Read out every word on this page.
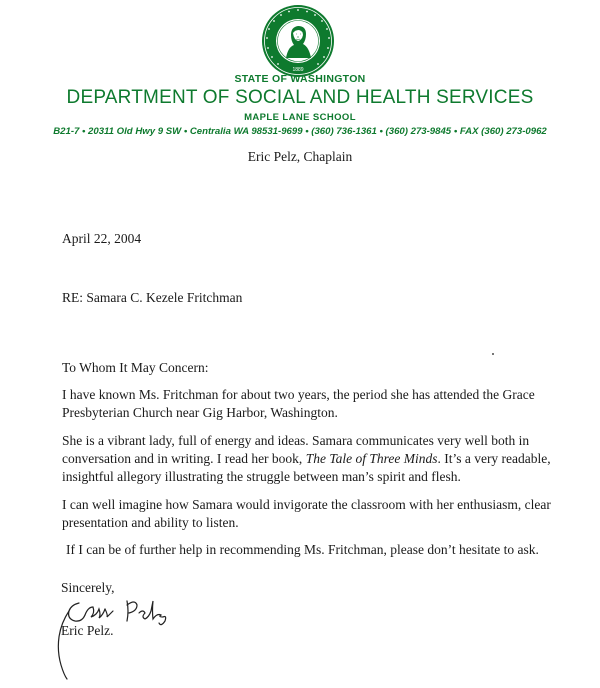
1889
STATE OF WASHINGTON
DEPARTMENT OF SOCIAL AND HEALTH SERVICES
MAPLE LANE SCHOOL
B21-7 • 20311 Old Hwy 9 SW • Centralia WA 98531-9699 • (360) 736-1361 • (360) 273-9845 • FAX (360) 273-0962
Eric Pelz, Chaplain
April 22, 2004
RE: Samara C. Kezele Fritchman
To Whom It May Concern:
I have known Ms. Fritchman for about two years, the period she has attended the Grace Presbyterian Church near Gig Harbor, Washington.
She is a vibrant lady, full of energy and ideas. Samara communicates very well both in conversation and in writing. I read her book, The Tale of Three Minds. It’s a very readable, insightful allegory illustrating the struggle between man’s spirit and flesh.
I can well imagine how Samara would invigorate the classroom with her enthusiasm, clear presentation and ability to listen.
If I can be of further help in recommending Ms. Fritchman, please don’t hesitate to ask.
Sincerely,
Eric Pelz.
